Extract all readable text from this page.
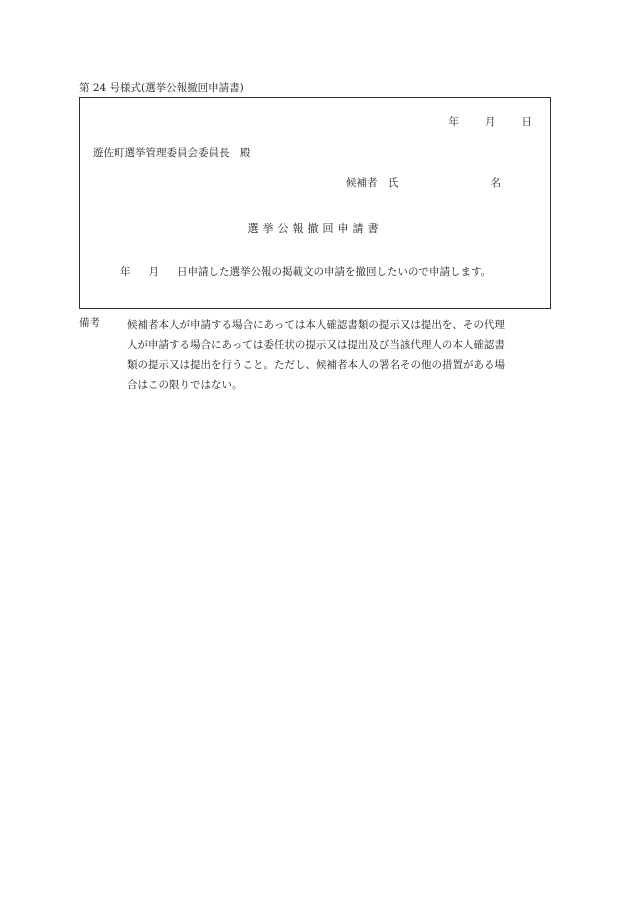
第 24 号様式(選挙公報撤回申請書)
年 月 日
遊佐町選挙管理委員会委員長　殿
候補者　氏	名
選挙公報撤回申請書
年 月 日申請した選挙公報の掲載文の申請を撤回したいので申請します。
備考	候補者本人が申請する場合にあっては本人確認書類の提示又は提出を、その代理
人が申請する場合にあっては委任状の提示又は提出及び当該代理人の本人確認書
類の提示又は提出を行うこと。ただし、候補者本人の署名その他の措置がある場
合はこの限りではない。
